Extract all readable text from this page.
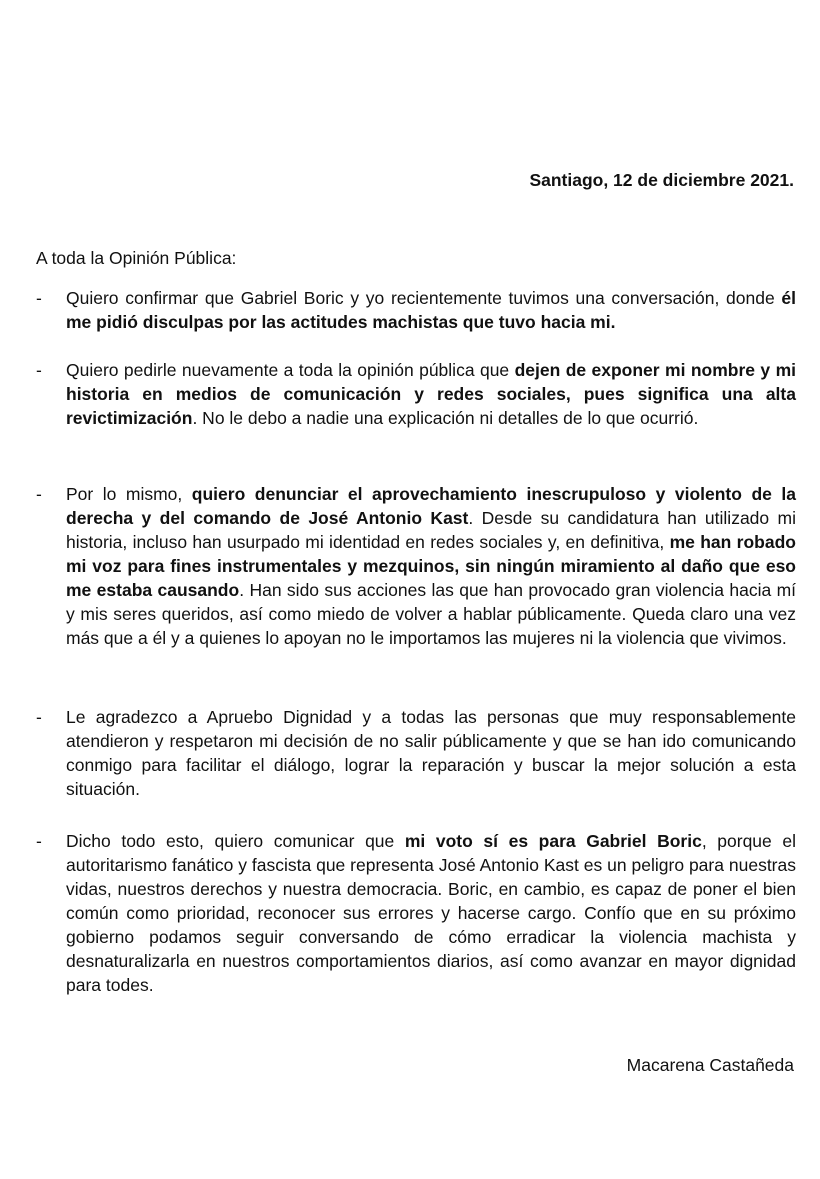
Santiago, 12 de diciembre 2021.
A toda la Opinión Pública:
- Quiero confirmar que Gabriel Boric y yo recientemente tuvimos una conversación, donde él me pidió disculpas por las actitudes machistas que tuvo hacia mi.

- Quiero pedirle nuevamente a toda la opinión pública que dejen de exponer mi nombre y mi historia en medios de comunicación y redes sociales, pues significa una alta revictimización. No le debo a nadie una explicación ni detalles de lo que ocurrió.

- Por lo mismo, quiero denunciar el aprovechamiento inescrupuloso y violento de la derecha y del comando de José Antonio Kast. Desde su candidatura han utilizado mi historia, incluso han usurpado mi identidad en redes sociales y, en definitiva, me han robado mi voz para fines instrumentales y mezquinos, sin ningún miramiento al daño que eso me estaba causando. Han sido sus acciones las que han provocado gran violencia hacia mí y mis seres queridos, así como miedo de volver a hablar públicamente. Queda claro una vez más que a él y a quienes lo apoyan no le importamos las mujeres ni la violencia que vivimos.

- Le agradezco a Apruebo Dignidad y a todas las personas que muy responsablemente atendieron y respetaron mi decisión de no salir públicamente y que se han ido comunicando conmigo para facilitar el diálogo, lograr la reparación y buscar la mejor solución a esta situación.

- Dicho todo esto, quiero comunicar que mi voto sí es para Gabriel Boric, porque el autoritarismo fanático y fascista que representa José Antonio Kast es un peligro para nuestras vidas, nuestros derechos y nuestra democracia. Boric, en cambio, es capaz de poner el bien común como prioridad, reconocer sus errores y hacerse cargo. Confío que en su próximo gobierno podamos seguir conversando de cómo erradicar la violencia machista y desnaturalizarla en nuestros comportamientos diarios, así como avanzar en mayor dignidad para todes.

Macarena Castañeda
